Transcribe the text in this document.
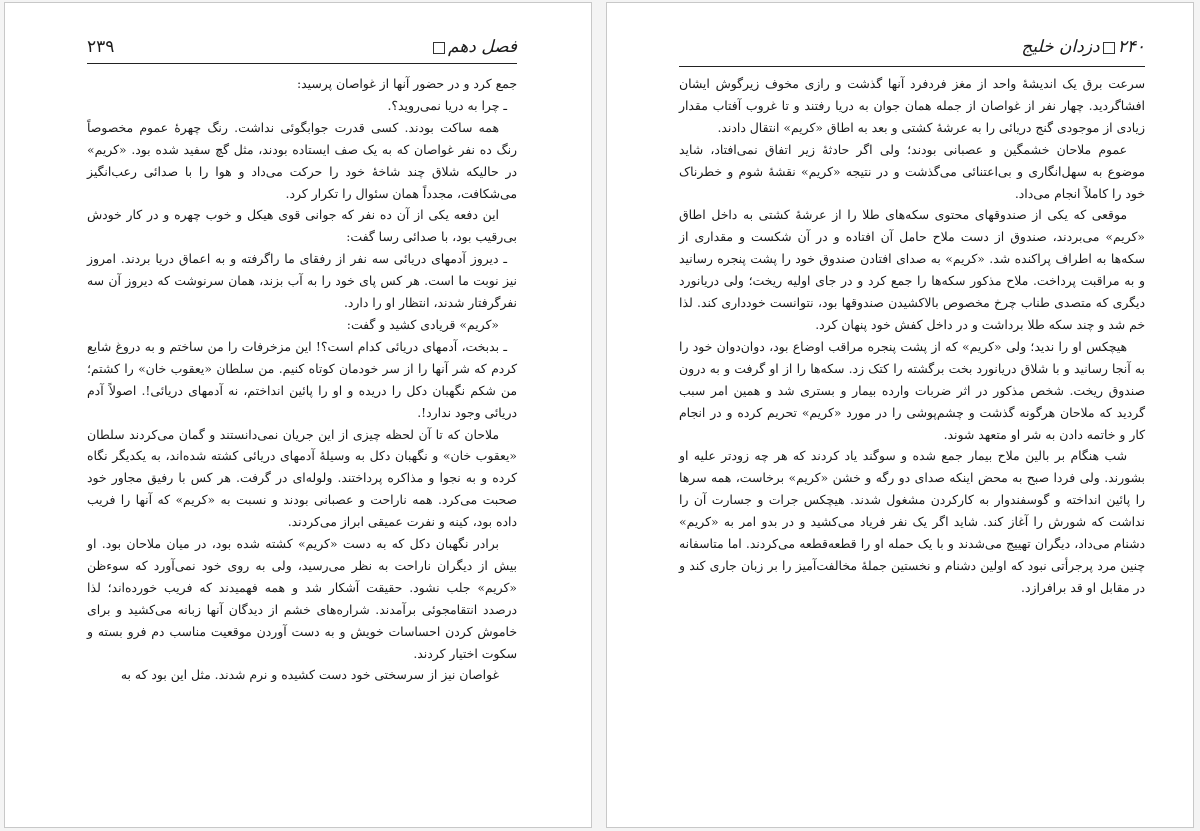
فصل دهم
۲۳۹

جمع کرد و در حضور آنها از غواصان پرسید:

ـ چرا به دریا نمی‌روید؟.

همه ساکت بودند. کسی قدرت جوابگوئی نداشت. رنگ چهرهٔ عموم مخصوصاً رنگ ده نفر غواصان که به یک صف ایستاده بودند، مثل گچ سفید شده بود. «کریم» در حالیکه شلاق چند شاخهٔ خود را حرکت می‌داد و هوا را با صدائی رعب‌انگیز می‌شکافت، مجدداً همان سئوال را تکرار کرد.

این دفعه یکی از آن ده نفر که جوانی قوی هیکل و خوب چهره و در کار خودش بی‌رقیب بود، با صدائی رسا گفت:

ـ دیروز آدمهای دریائی سه نفر از رفقای ما راگرفته و به اعماق دریا بردند. امروز نیز نوبت ما است. هر کس پای خود را به آب بزند، همان سرنوشت که دیروز آن سه نفرگرفتار شدند، انتظار او را دارد.

«کریم» قریادی کشید و گفت:

ـ بدبخت، آدمهای دریائی کدام است؟! این مزخرفات را من ساختم و به دروغ شایع کردم که شر آنها را از سر خودمان کوتاه کنیم. من سلطان «یعقوب خان» را کشتم؛ من شکم نگهبان دکل را دریده و او را پائین انداختم، نه آدمهای دریائی!. اصولاً آدم دریائی وجود ندارد!.

ملاحان که تا آن لحظه چیزی از این جریان نمی‌دانستند و گمان می‌کردند سلطان «یعقوب خان» و نگهبان دکل به وسیلهٔ آدمهای دریائی کشته شده‌اند، به یکدیگر نگاه کرده و به نجوا و مذاکره پرداختند. ولوله‌ای در گرفت. هر کس با رفیق مجاور خود صحبت می‌کرد. همه ناراحت و عصبانی بودند و نسبت به «کریم» که آنها را فریب داده بود، کینه و نفرت عمیقی ابراز می‌کردند.

برادر نگهبان دکل که به دست «کریم» کشته شده بود، در میان ملاحان بود. او بیش از دیگران ناراحت به نظر می‌رسید، ولی به روی خود نمی‌آورد که سوءظن «کریم» جلب نشود. حقیقت آشکار شد و همه فهمیدند که فریب خورده‌اند؛ لذا درصدد انتقامجوئی برآمدند. شراره‌های خشم از دیدگان آنها زبانه می‌کشید و برای خاموش کردن احساسات خویش و به دست آوردن موقعیت مناسب دم فرو بسته و سکوت اختیار کردند.

غواصان نیز از سرسختی خود دست کشیده و نرم شدند. مثل این بود که به

۲۴۰دزدان خلیج

سرعت برق یک اندیشهٔ واحد از مغز فردفرد آنها گذشت و رازی مخوف زیرگوش ایشان افشاگردید. چهار نفر از غواصان از جمله همان جوان به دریا رفتند و تا غروب آفتاب مقدار زیادی از موجودی گنج دریائی را به عرشهٔ کشتی و بعد به اطاق «کریم» انتقال دادند.

عموم ملاحان خشمگین و عصبانی بودند؛ ولی اگر حادثهٔ زیر اتفاق نمی‌افتاد، شاید موضوع به سهل‌انگاری و بی‌اعتنائی می‌گذشت و در نتیجه «کریم» نقشهٔ شوم و خطرناک خود را کاملاً انجام می‌داد.

موقعی که یکی از صندوقهای محتوی سکه‌های طلا را از عرشهٔ کشتی به داخل اطاق «کریم» می‌بردند، صندوق از دست ملاح حامل آن افتاده و در آن شکست و مقداری از سکه‌ها به اطراف پراکنده شد. «کریم» به صدای افتادن صندوق خود را پشت پنجره رسانید و به مراقبت پرداخت. ملاح مذکور سکه‌ها را جمع کرد و در جای اولیه ریخت؛ ولی دریانورد دیگری که متصدی طناب چرخ مخصوص بالاکشیدن صندوقها بود، نتوانست خودداری کند. لذا خم شد و چند سکه طلا برداشت و در داخل کفش خود پنهان کرد.

هیچکس او را ندید؛ ولی «کریم» که از پشت پنجره مراقب اوضاع بود، دوان‌دوان خود را به آنجا رسانید و با شلاق دریانورد بخت برگشته را کتک زد. سکه‌ها را از او گرفت و به درون صندوق ریخت. شخص مذکور در اثر ضربات وارده بیمار و بستری شد و همین امر سبب گردید که ملاحان هرگونه گذشت و چشم‌پوشی را در مورد «کریم» تحریم کرده و در انجام کار و خاتمه دادن به شر او متعهد شوند.

شب هنگام بر بالین ملاح بیمار جمع شده و سوگند یاد کردند که هر چه زودتر علیه او بشورند. ولی فردا صبح به محض اینکه صدای دو رگه و خشن «کریم» برخاست، همه سرها را پائین انداخته و گوسفندوار به کارکردن مشغول شدند. هیچکس جرات و جسارت آن را نداشت که شورش را آغاز کند. شاید اگر یک نفر فریاد می‌کشید و در بدو امر به «کریم» دشنام می‌داد، دیگران تهییج می‌شدند و با یک حمله او را قطعه‌قطعه می‌کردند. اما متاسفانه چنین مرد پرجرأتی نبود که اولین دشنام و نخستین جملهٔ مخالفت‌آمیز را بر زبان جاری کند و در مقابل او قد برافرازد.
